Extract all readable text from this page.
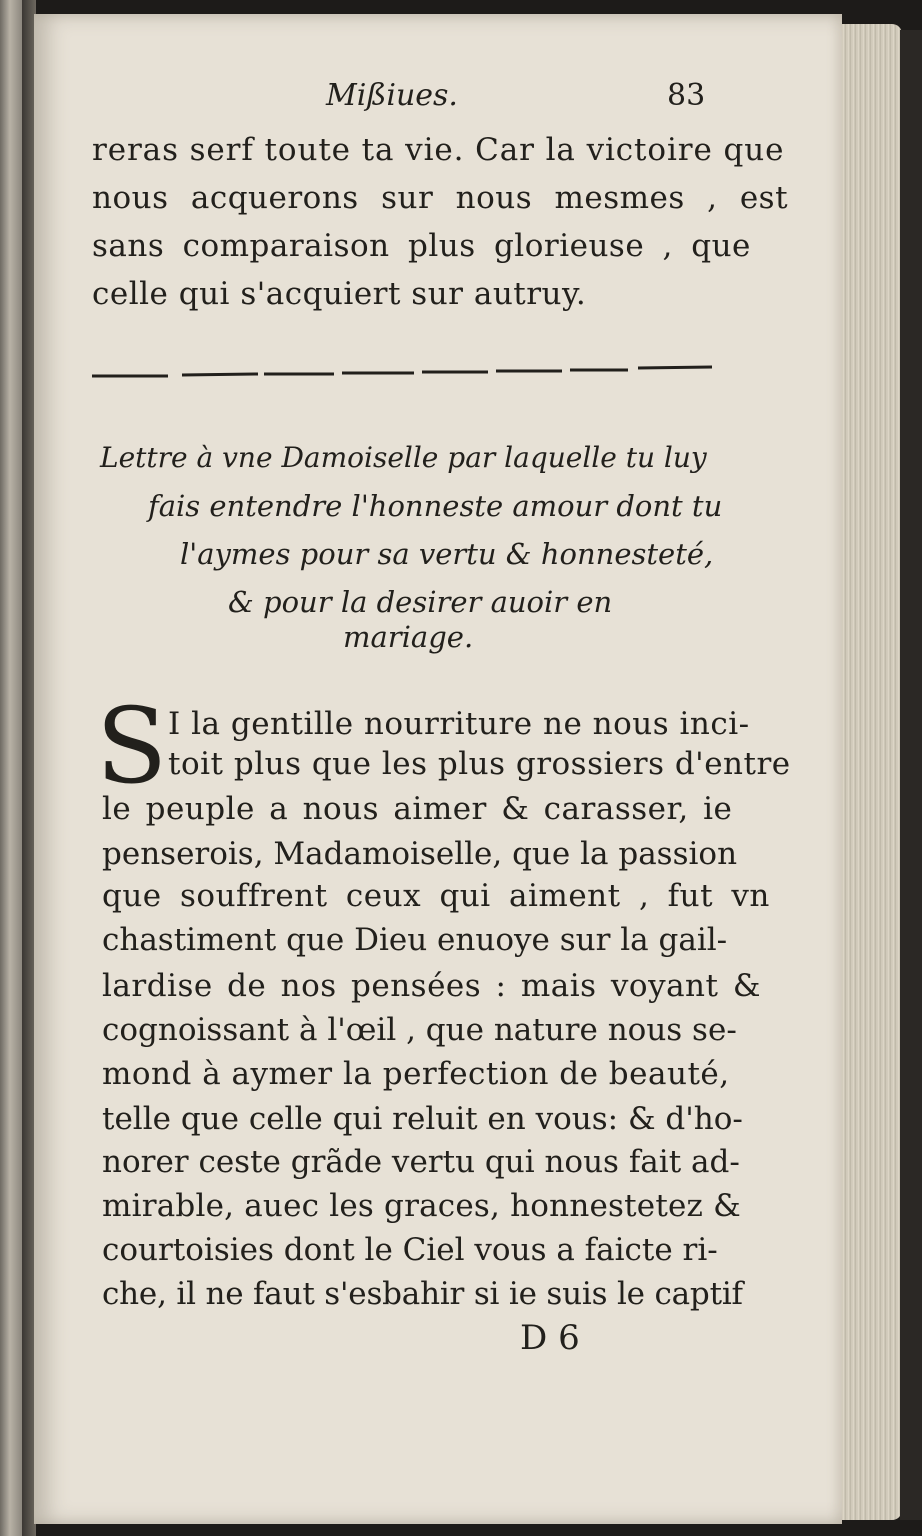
Mißiues.	83
reras serf toute ta vie. Car la victoire que
nous acquerons sur nous mesmes , est
sans comparaison plus glorieuse , que
celle qui s'acquiert sur autruy.
Lettre à vne Damoiselle par laquelle tu luy
fais entendre l'honneste amour dont tu
l'aymes pour sa vertu & honnesteté,
& pour la desirer auoir en
mariage.
S I la gentille nourriture ne nous inci-
toit plus que les plus grossiers d'entre
le peuple a nous aimer & carasser, ie
penserois, Madamoiselle, que la passion
que souffrent ceux qui aiment , fut vn
chastiment que Dieu enuoye sur la gail-
lardise de nos pensées : mais voyant &
cognoissant à l'œil , que nature nous se-
mond à aymer la perfection de beauté,
telle que celle qui reluit en vous: & d'ho-
norer ceste grãde vertu qui nous fait ad-
mirable, auec les graces, honnestetez &
courtoisies dont le Ciel vous a faicte ri-
che, il ne faut s'esbahir si ie suis le captif
D 6
